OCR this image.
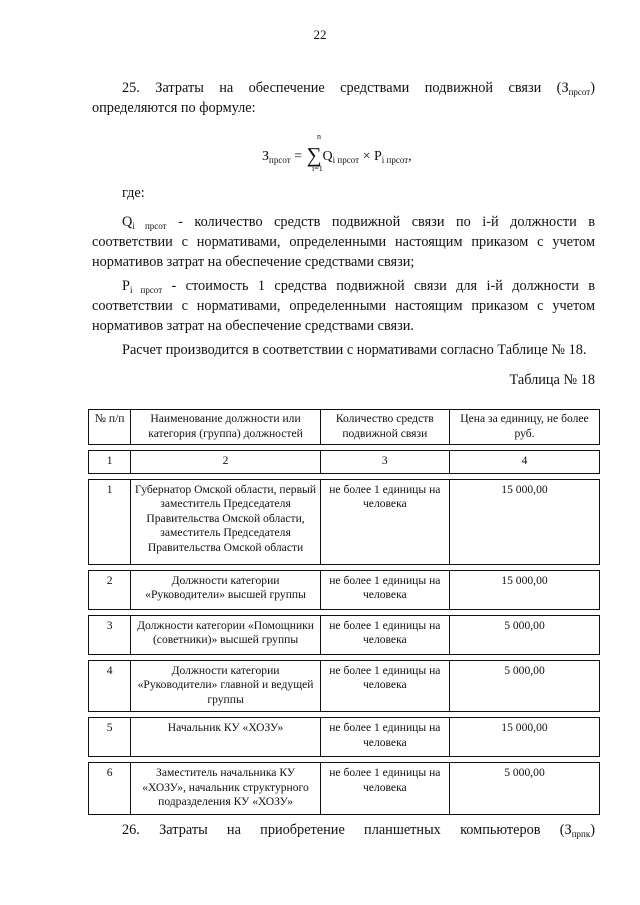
22
25. Затраты на обеспечение средствами подвижной связи $(З_{прсот})$
определяются по формуле:
n
$З_{прсот} = \sum Q_{i прсот} \times P_{i прсот}$,
i=1
где:
$Q_{i прсот}$ - количество средств подвижной связи по i-й должности в соответствии с нормативами, определенными настоящим приказом с учетом нормативов затрат на обеспечение средствами связи;
$P_{i прсот}$ - стоимость 1 средства подвижной связи для i-й должности в соответствии с нормативами, определенными настоящим приказом с учетом нормативов затрат на обеспечение средствами связи.
Расчет производится в соответствии с нормативами согласно Таблице № 18.
Таблица № 18
№ п/п	Наименование должности или категория (группа) должностей	Количество средств подвижной связи	Цена за единицу, не более руб.
1	2	3	4
1	Губернатор Омской области, первый заместитель Председателя Правительства Омской области, заместитель Председателя Правительства Омской области	не более 1 единицы на человека	15 000,00
2	Должности категории «Руководители» высшей группы	не более 1 единицы на человека	15 000,00
3	Должности категории «Помощники (советники)» высшей группы	не более 1 единицы на человека	5 000,00
4	Должности категории «Руководители» главной и ведущей группы	не более 1 единицы на человека	5 000,00
5	Начальник КУ «ХОЗУ»	не более 1 единицы на человека	15 000,00
6	Заместитель начальника КУ «ХОЗУ», начальник структурного подразделения КУ «ХОЗУ»	не более 1 единицы на человека	5 000,00
26. Затраты на приобретение планшетных компьютеров $(З_{прпк})$
